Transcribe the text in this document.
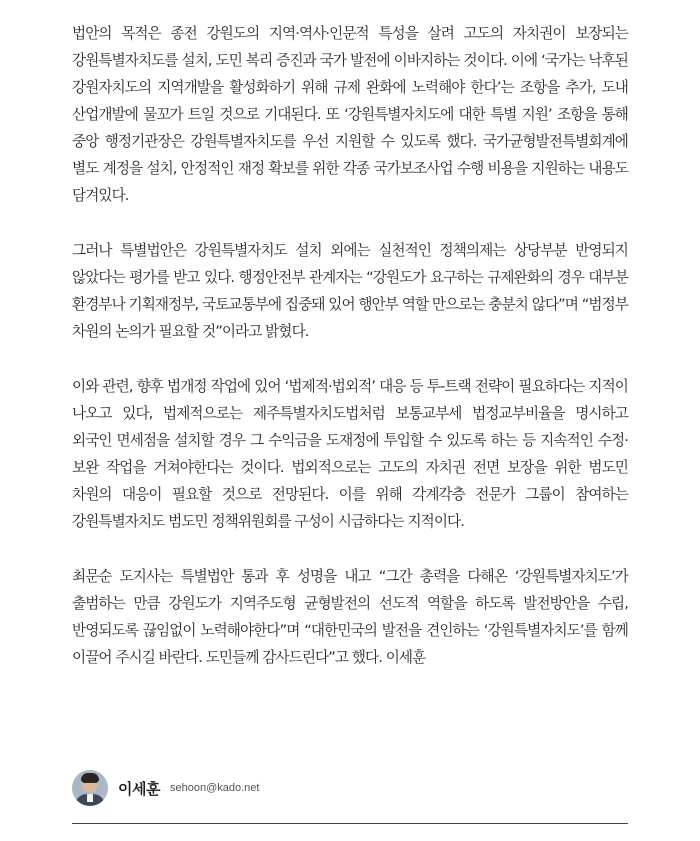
법안의 목적은 종전 강원도의 지역·역사·인문적 특성을 살려 고도의 자치권이 보장되는 강원특별자치도를 설치, 도민 복리 증진과 국가 발전에 이바지하는 것이다. 이에 ‘국가는 낙후된 강원자치도의 지역개발을 활성화하기 위해 규제 완화에 노력해야 한다’는 조항을 추가, 도내 산업개발에 물꼬가 트일 것으로 기대된다. 또 ‘강원특별자치도에 대한 특별 지원’ 조항을 통해 중앙 행정기관장은 강원특별자치도를 우선 지원할 수 있도록 했다. 국가균형발전특별회계에 별도 계정을 설치, 안정적인 재정 확보를 위한 각종 국가보조사업 수행 비용을 지원하는 내용도 담겨있다.

그러나 특별법안은 강원특별자치도 설치 외에는 실천적인 정책의제는 상당부분 반영되지 않았다는 평가를 받고 있다. 행정안전부 관계자는 “강원도가 요구하는 규제완화의 경우 대부분 환경부나 기획재정부, 국토교통부에 집중돼 있어 행안부 역할 만으로는 충분치 않다”며 “범정부 차원의 논의가 필요할 것”이라고 밝혔다.

이와 관련, 향후 법개정 작업에 있어 ‘법제적·법외적’ 대응 등 투-트랙 전략이 필요하다는 지적이 나오고 있다, 법제적으로는 제주특별자치도법처럼 보통교부세 법정교부비율을 명시하고 외국인 면세점을 설치할 경우 그 수익금을 도재정에 투입할 수 있도록 하는 등 지속적인 수정·보완 작업을 거쳐야한다는 것이다. 법외적으로는 고도의 자치권 전면 보장을 위한 범도민 차원의 대응이 필요할 것으로 전망된다. 이를 위해 각계각층 전문가 그룹이 참여하는 강원특별자치도 범도민 정책위원회를 구성이 시급하다는 지적이다.

최문순 도지사는 특별법안 통과 후 성명을 내고 “그간 총력을 다해온 ‘강원특별자치도’가 출범하는 만큼 강원도가 지역주도형 균형발전의 선도적 역할을 하도록 발전방안을 수립, 반영되도록 끊임없이 노력해야한다”며 “대한민국의 발전을 견인하는 ‘강원특별자치도’를 함께 이끌어 주시길 바란다. 도민들께 감사드린다”고 했다. 이세훈

이세훈 sehoon@kado.net
